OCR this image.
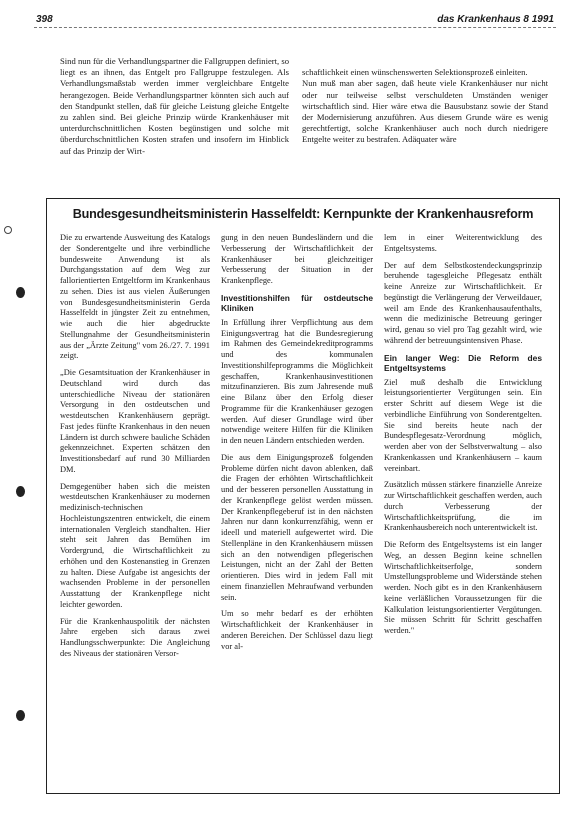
398	das Krankenhaus 8 1991

Sind nun für die Verhandlungspartner die Fallgruppen definiert, so liegt es an ihnen, das Entgelt pro Fallgruppe festzulegen. Als Verhandlungsmaßstab werden immer vergleichbare Entgelte herangezogen. Beide Verhandlungspartner könnten sich auch auf den Standpunkt stellen, daß für gleiche Leistung gleiche Entgelte zu zahlen sind. Bei gleiche Prinzip würde Krankenhäuser mit unterdurchschnittlichen Kosten begünstigen und solche mit überdurchschnittlichen Kosten strafen und insofern im Hinblick auf das Prinzip der Wirt-

schaftlichkeit einen wünschenswerten Selektionsprozeß einleiten.
Nun muß man aber sagen, daß heute viele Krankenhäuser nur nicht oder nur teilweise selbst verschuldeten Umständen weniger wirtschaftlich sind. Hier wäre etwa die Bausubstanz sowie der Stand der Modernisierung anzuführen. Aus diesem Grunde wäre es wenig gerechtfertigt, solche Krankenhäuser auch noch durch niedrigere Entgelte weiter zu bestrafen. Adäquater wäre

Bundesgesundheitsministerin Hasselfeldt: Kernpunkte der Krankenhausreform

Die zu erwartende Ausweitung des Katalogs der Sonderentgelte und ihre verbindliche bundesweite Anwendung ist als Durchgangsstation auf dem Weg zur fallorientierten Entgeltform im Krankenhaus zu sehen. Dies ist aus vielen Äußerungen von Bundesgesundheitsministerin Gerda Hasselfeldt in jüngster Zeit zu entnehmen, wie auch die hier abgedruckte Stellungnahme der Gesundheitsministerin aus der „Ärzte Zeitung" vom 26./27. 7. 1991 zeigt.

„Die Gesamtsituation der Krankenhäuser in Deutschland wird durch das unterschiedliche Niveau der stationären Versorgung in den ostdeutschen und westdeutschen Krankenhäusern geprägt. Fast jedes fünfte Krankenhaus in den neuen Ländern ist durch schwere bauliche Schäden gekennzeichnet. Experten schätzen den Investitionsbedarf auf rund 30 Milliarden DM.

Demgegenüber haben sich die meisten westdeutschen Krankenhäuser zu modernen medizinisch-technischen Hochleistungszentren entwickelt, die einem internationalen Vergleich standhalten. Hier steht seit Jahren das Bemühen im Vordergrund, die Wirtschaftlichkeit zu erhöhen und den Kostenanstieg in Grenzen zu halten. Diese Aufgabe ist angesichts der wachsenden Probleme in der personellen Ausstattung der Krankenpflege nicht leichter geworden.

Für die Krankenhauspolitik der nächsten Jahre ergeben sich daraus zwei Handlungsschwerpunkte: Die Angleichung des Niveaus der stationären Versor-

gung in den neuen Bundesländern und die Verbesserung der Wirtschaftlichkeit der Krankenhäuser bei gleichzeitiger Verbesserung der Situation in der Krankenpflege.

Investitionshilfen für ostdeutsche Kliniken

In Erfüllung ihrer Verpflichtung aus dem Einigungsvertrag hat die Bundesregierung im Rahmen des Gemeindekreditprogramms und des kommunalen Investitionshilfeprogramms die Möglichkeit geschaffen, Krankenhausinvestitionen mitzufinanzieren. Bis zum Jahresende muß eine Bilanz über den Erfolg dieser Programme für die Krankenhäuser gezogen werden. Auf dieser Grundlage wird über notwendige weitere Hilfen für die Kliniken in den neuen Ländern entschieden werden.

Die aus dem Einigungsprozeß folgenden Probleme dürfen nicht davon ablenken, daß die Fragen der erhöhten Wirtschaftlichkeit und der besseren personellen Ausstattung in der Krankenpflege gelöst werden müssen. Der Krankenpflegeberuf ist in den nächsten Jahren nur dann konkurrenzfähig, wenn er ideell und materiell aufgewertet wird. Die Stellenpläne in den Krankenhäusern müssen sich an den notwendigen pflegerischen Leistungen, nicht an der Zahl der Betten orientieren. Dies wird in jedem Fall mit einem finanziellen Mehraufwand verbunden sein.

Um so mehr bedarf es der erhöhten Wirtschaftlichkeit der Krankenhäuser in anderen Bereichen. Der Schlüssel dazu liegt vor al-

lem in einer Weiterentwicklung des Entgeltsystems.

Der auf dem Selbstkostendeckungsprinzip beruhende tagesgleiche Pflegesatz enthält keine Anreize zur Wirtschaftlichkeit. Er begünstigt die Verlängerung der Verweildauer, weil am Ende des Krankenhausaufenthalts, wenn die medizinische Betreuung geringer wird, genau so viel pro Tag gezahlt wird, wie während der betreuungsintensiven Phase.

Ein langer Weg: Die Reform des Entgeltsystems

Ziel muß deshalb die Entwicklung leistungsorientierter Vergütungen sein. Ein erster Schritt auf diesem Wege ist die verbindliche Einführung von Sonderentgelten. Sie sind bereits heute nach der Bundespflegesatz-Verordnung möglich, werden aber von der Selbstverwaltung – also Krankenkassen und Krankenhäusern – kaum vereinbart.

Zusätzlich müssen stärkere finanzielle Anreize zur Wirtschaftlichkeit geschaffen werden, auch durch Verbesserung der Wirtschaftlichkeitsprüfung, die im Krankenhausbereich noch unterentwickelt ist.

Die Reform des Entgeltsystems ist ein langer Weg, an dessen Beginn keine schnellen Wirtschaftlichkeitserfolge, sondern Umstellungsprobleme und Widerstände stehen werden. Noch gibt es in den Krankenhäusern keine verläßlichen Voraussetzungen für die Kalkulation leistungsorientierter Vergütungen. Sie müssen Schritt für Schritt geschaffen werden."
